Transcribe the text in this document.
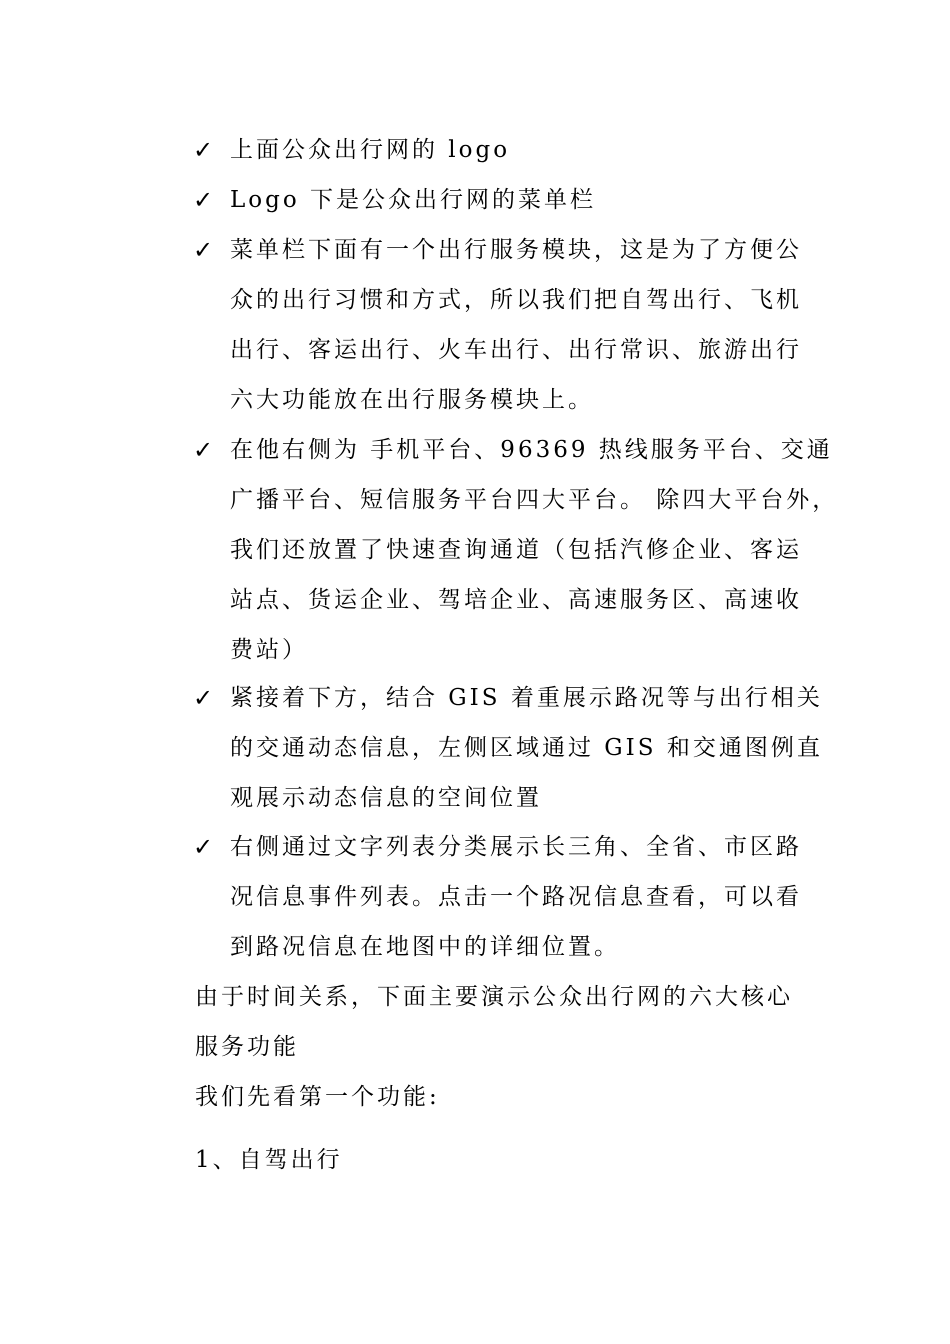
✓ 上面公众出行网的 logo
✓ Logo 下是公众出行网的菜单栏
✓ 菜单栏下面有一个出行服务模块，这是为了方便公
众的出行习惯和方式，所以我们把自驾出行、飞机
出行、客运出行、火车出行、出行常识、旅游出行
六大功能放在出行服务模块上。
✓ 在他右侧为 手机平台、96369 热线服务平台、交通
广播平台、短信服务平台四大平台。 除四大平台外，
我们还放置了快速查询通道（包括汽修企业、客运
站点、货运企业、驾培企业、高速服务区、高速收
费站）
✓ 紧接着下方，结合 GIS 着重展示路况等与出行相关
的交通动态信息，左侧区域通过 GIS 和交通图例直
观展示动态信息的空间位置
✓ 右侧通过文字列表分类展示长三角、全省、市区路
况信息事件列表。点击一个路况信息查看，可以看
到路况信息在地图中的详细位置。
由于时间关系，下面主要演示公众出行网的六大核心
服务功能
我们先看第一个功能:
1、自驾出行
